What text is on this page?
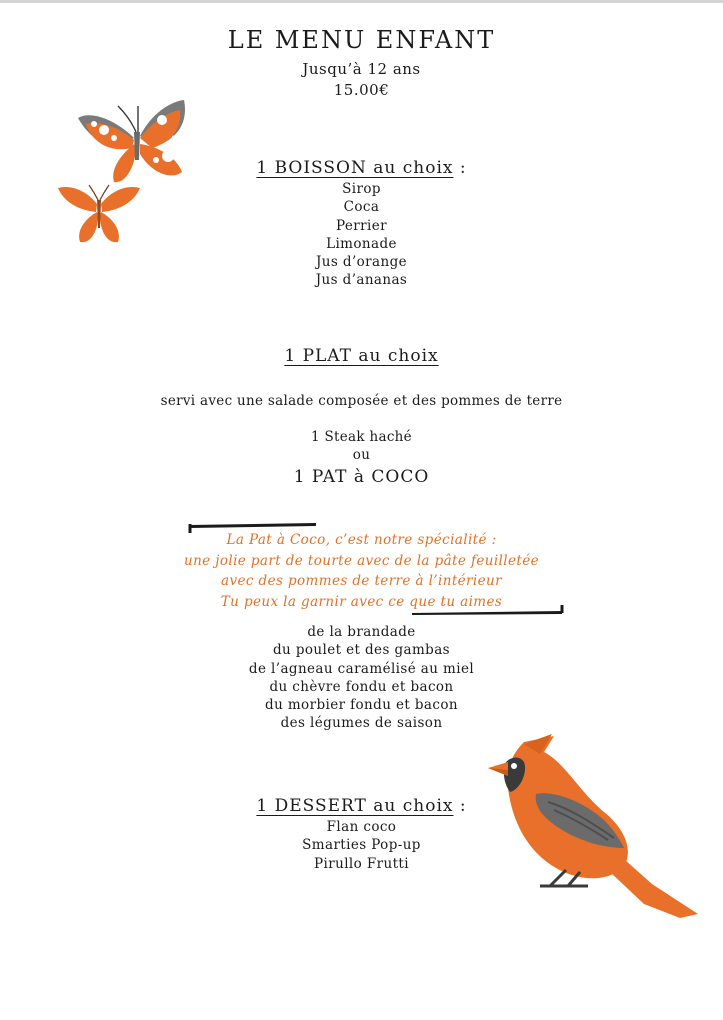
LE MENU ENFANT
Jusqu’à 12 ans
15.00€
1 BOISSON au choix :
Sirop
Coca
Perrier
Limonade
Jus d’orange
Jus d’ananas
1 PLAT au choix
servi avec une salade composée et des pommes de terre
1 Steak haché
ou
1 PAT à COCO
La Pat à Coco, c’est notre spécialité :
une jolie part de tourte avec de la pâte feuilletée
avec des pommes de terre à l’intérieur
Tu peux la garnir avec ce que tu aimes
de la brandade
du poulet et des gambas
de l’agneau caramélisé au miel
du chèvre fondu et bacon
du morbier fondu et bacon
des légumes de saison
1 DESSERT au choix :
Flan coco
Smarties Pop-up
Pirullo Frutti
